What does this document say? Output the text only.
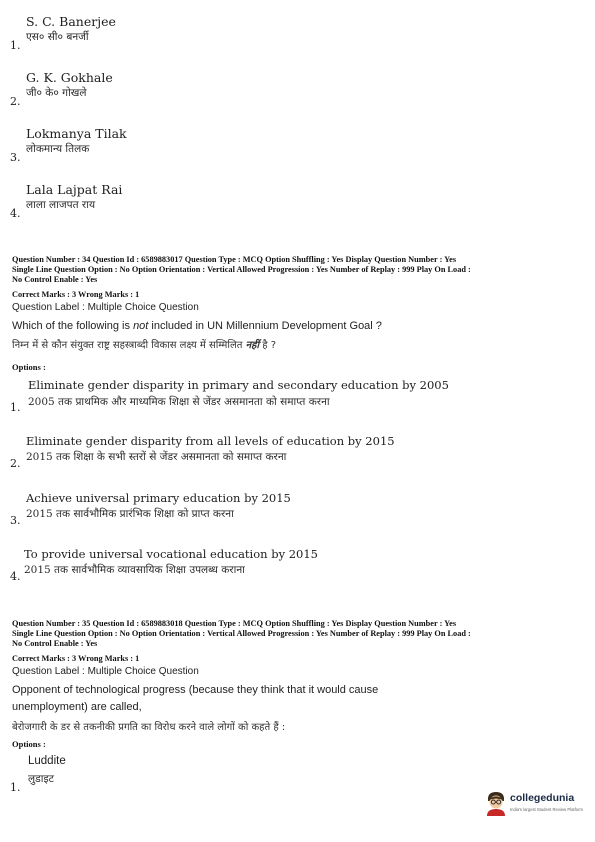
S. C. Banerjee
एस० सी० बनर्जी
1.
G. K. Gokhale
जी० के० गोखले
2.
Lokmanya Tilak
लोकमान्य तिलक
3.
Lala Lajpat Rai
लाला लाजपत राय
4.
Question Number : 34 Question Id : 6589883017 Question Type : MCQ Option Shuffling : Yes Display Question Number : Yes
Single Line Question Option : No Option Orientation : Vertical Allowed Progression : Yes Number of Replay : 999 Play On Load :
No Control Enable : Yes
Correct Marks : 3 Wrong Marks : 1
Question Label : Multiple Choice Question
Which of the following is not included in UN Millennium Development Goal ?
निम्न में से कौन संयुक्त राष्ट्र सहस्त्राब्दी विकास लक्ष्य में सम्मिलित नहीं है ?
Options :
Eliminate gender disparity in primary and secondary education by 2005
2005 तक प्राथमिक और माध्यमिक शिक्षा से जेंडर असमानता को समाप्त करना
1.
Eliminate gender disparity from all levels of education by 2015
2015 तक शिक्षा के सभी स्तरों से जेंडर असमानता को समाप्त करना
2.
Achieve universal primary education by 2015
2015 तक सार्वभौमिक प्रारंभिक शिक्षा को प्राप्त करना
3.
To provide universal vocational education by 2015
2015 तक सार्वभौमिक व्यावसायिक शिक्षा उपलब्ध कराना
4.
Question Number : 35 Question Id : 6589883018 Question Type : MCQ Option Shuffling : Yes Display Question Number : Yes
Single Line Question Option : No Option Orientation : Vertical Allowed Progression : Yes Number of Replay : 999 Play On Load :
No Control Enable : Yes
Correct Marks : 3 Wrong Marks : 1
Question Label : Multiple Choice Question
Opponent of technological progress (because they think that it would cause
unemployment) are called,
बेरोजगारी के डर से तकनीकी प्रगति का विरोध करने वाले लोगों को कहते हैं :
Options :
Luddite
लुडाइट
1.
collegedunia
India's largest Student Review Platform
